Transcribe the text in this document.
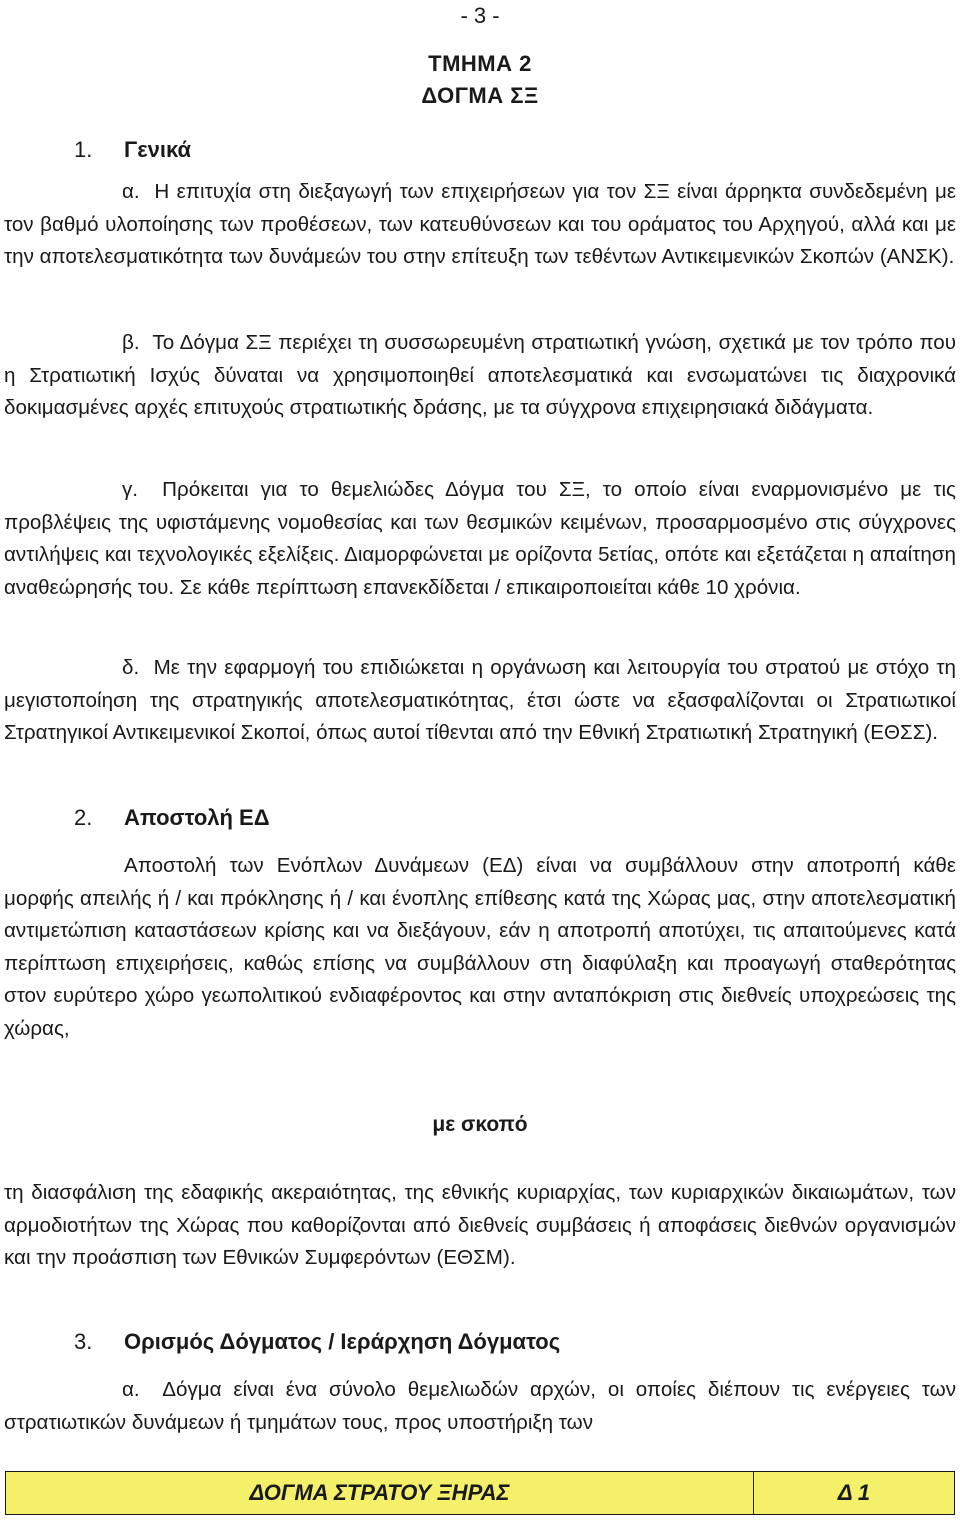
- 3 -
ΤΜΗΜΑ 2
ΔΟΓΜΑ ΣΞ
1. Γενικά

α. Η επιτυχία στη διεξαγωγή των επιχειρήσεων για τον ΣΞ είναι άρρηκτα συνδεδεμένη με τον βαθμό υλοποίησης των προθέσεων, των κατευθύνσεων και του οράματος του Αρχηγού, αλλά και με την αποτελεσματικότητα των δυνάμεών του στην επίτευξη των τεθέντων Αντικειμενικών Σκοπών (ΑΝΣΚ).

β. Το Δόγμα ΣΞ περιέχει τη συσσωρευμένη στρατιωτική γνώση, σχετικά με τον τρόπο που η Στρατιωτική Ισχύς δύναται να χρησιμοποιηθεί αποτελεσματικά και ενσωματώνει τις διαχρονικά δοκιμασμένες αρχές επιτυχούς στρατιωτικής δράσης, με τα σύγχρονα επιχειρησιακά διδάγματα.

γ. Πρόκειται για το θεμελιώδες Δόγμα του ΣΞ, το οποίο είναι εναρμονισμένο με τις προβλέψεις της υφιστάμενης νομοθεσίας και των θεσμικών κειμένων, προσαρμοσμένο στις σύγχρονες αντιλήψεις και τεχνολογικές εξελίξεις. Διαμορφώνεται με ορίζοντα 5ετίας, οπότε και εξετάζεται η απαίτηση αναθεώρησής του. Σε κάθε περίπτωση επανεκδίδεται / επικαιροποιείται κάθε 10 χρόνια.

δ. Με την εφαρμογή του επιδιώκεται η οργάνωση και λειτουργία του στρατού με στόχο τη μεγιστοποίηση της στρατηγικής αποτελεσματικότητας, έτσι ώστε να εξασφαλίζονται οι Στρατιωτικοί Στρατηγικοί Αντικειμενικοί Σκοποί, όπως αυτοί τίθενται από την Εθνική Στρατιωτική Στρατηγική (ΕΘΣΣ).

2. Αποστολή ΕΔ

Αποστολή των Ενόπλων Δυνάμεων (ΕΔ) είναι να συμβάλλουν στην αποτροπή κάθε μορφής απειλής ή / και πρόκλησης ή / και ένοπλης επίθεσης κατά της Χώρας μας, στην αποτελεσματική αντιμετώπιση καταστάσεων κρίσης και να διεξάγουν, εάν η αποτροπή αποτύχει, τις απαιτούμενες κατά περίπτωση επιχειρήσεις, καθώς επίσης να συμβάλλουν στη διαφύλαξη και προαγωγή σταθερότητας στον ευρύτερο χώρο γεωπολιτικού ενδιαφέροντος και στην ανταπόκριση στις διεθνείς υποχρεώσεις της χώρας,

με σκοπό

τη διασφάλιση της εδαφικής ακεραιότητας, της εθνικής κυριαρχίας, των κυριαρχικών δικαιωμάτων, των αρμοδιοτήτων της Χώρας που καθορίζονται από διεθνείς συμβάσεις ή αποφάσεις διεθνών οργανισμών και την προάσπιση των Εθνικών Συμφερόντων (ΕΘΣΜ).

3. Ορισμός Δόγματος / Ιεράρχηση Δόγματος

α. Δόγμα είναι ένα σύνολο θεμελιωδών αρχών, οι οποίες διέπουν τις ενέργειες των στρατιωτικών δυνάμεων ή τμημάτων τους, προς υποστήριξη των

ΔΟΓΜΑ ΣΤΡΑΤΟΥ ΞΗΡΑΣ	Δ 1
